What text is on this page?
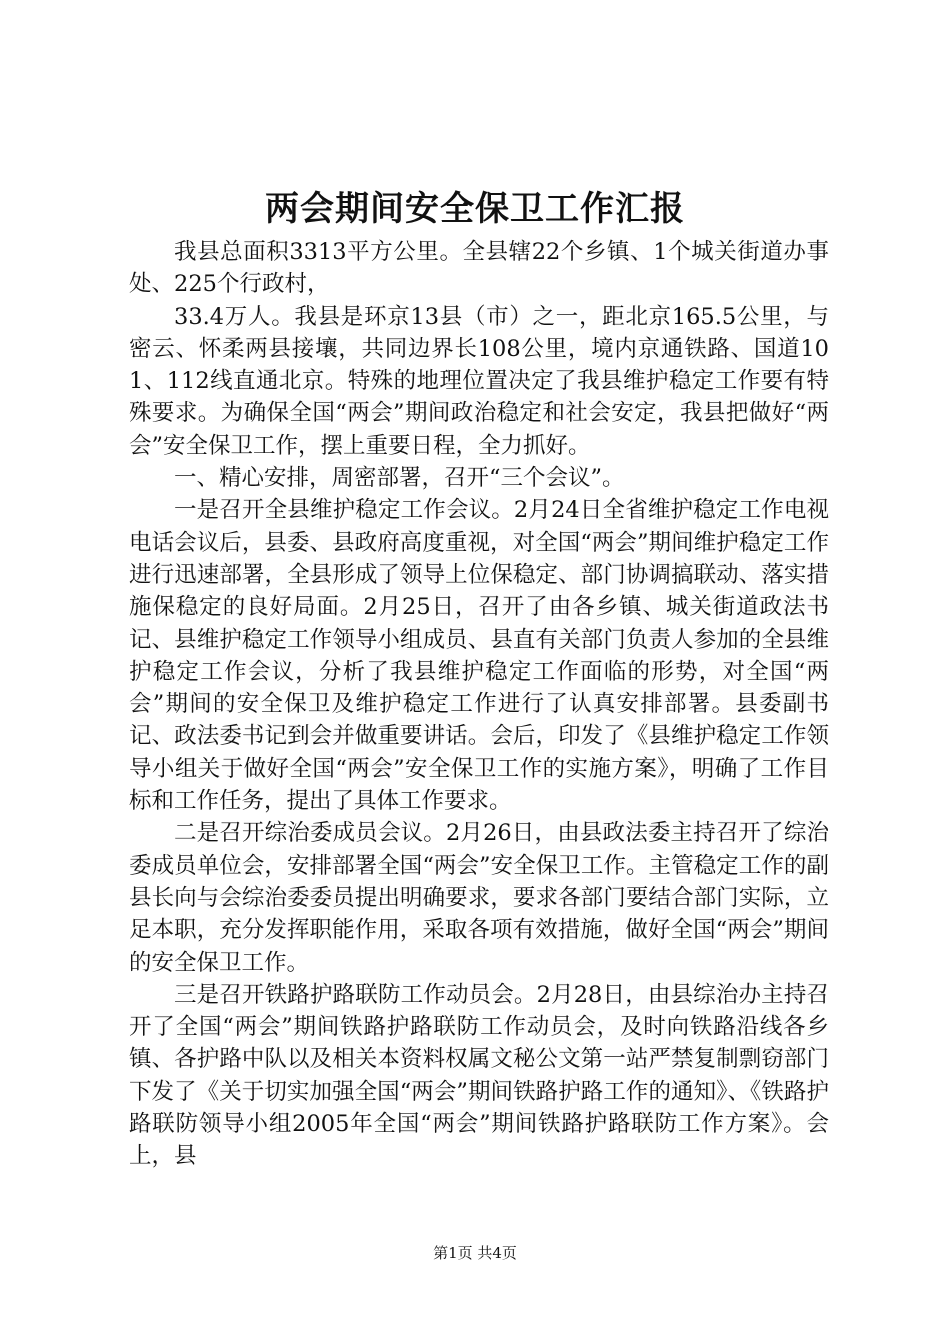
两会期间安全保卫工作汇报

我县总面积3313平方公里。全县辖22个乡镇、1个城关街道办事处、225个行政村，

33.4万人。我县是环京13县（市）之一，距北京165.5公里，与密云、怀柔两县接壤，共同边界长108公里，境内京通铁路、国道101、112线直通北京。特殊的地理位置决定了我县维护稳定工作要有特殊要求。为确保全国“两会”期间政治稳定和社会安定，我县把做好“两会”安全保卫工作，摆上重要日程，全力抓好。

一、精心安排，周密部署，召开“三个会议”。

一是召开全县维护稳定工作会议。2月24日全省维护稳定工作电视电话会议后，县委、县政府高度重视，对全国“两会”期间维护稳定工作进行迅速部署，全县形成了领导上位保稳定、部门协调搞联动、落实措施保稳定的良好局面。2月25日，召开了由各乡镇、城关街道政法书记、县维护稳定工作领导小组成员、县直有关部门负责人参加的全县维护稳定工作会议，分析了我县维护稳定工作面临的形势，对全国“两会”期间的安全保卫及维护稳定工作进行了认真安排部署。县委副书记、政法委书记到会并做重要讲话。会后，印发了《县维护稳定工作领导小组关于做好全国“两会”安全保卫工作的实施方案》，明确了工作目标和工作任务，提出了具体工作要求。

二是召开综治委成员会议。2月26日，由县政法委主持召开了综治委成员单位会，安排部署全国“两会”安全保卫工作。主管稳定工作的副县长向与会综治委委员提出明确要求，要求各部门要结合部门实际，立足本职，充分发挥职能作用，采取各项有效措施，做好全国“两会”期间的安全保卫工作。

三是召开铁路护路联防工作动员会。2月28日，由县综治办主持召开了全国“两会”期间铁路护路联防工作动员会，及时向铁路沿线各乡镇、各护路中队以及相关本资料权属文秘公文第一站严禁复制剽窃部门下发了《关于切实加强全国“两会”期间铁路护路工作的通知》、《铁路护路联防领导小组2005年全国“两会”期间铁路护路联防工作方案》。会上，县

第1页 共4页
